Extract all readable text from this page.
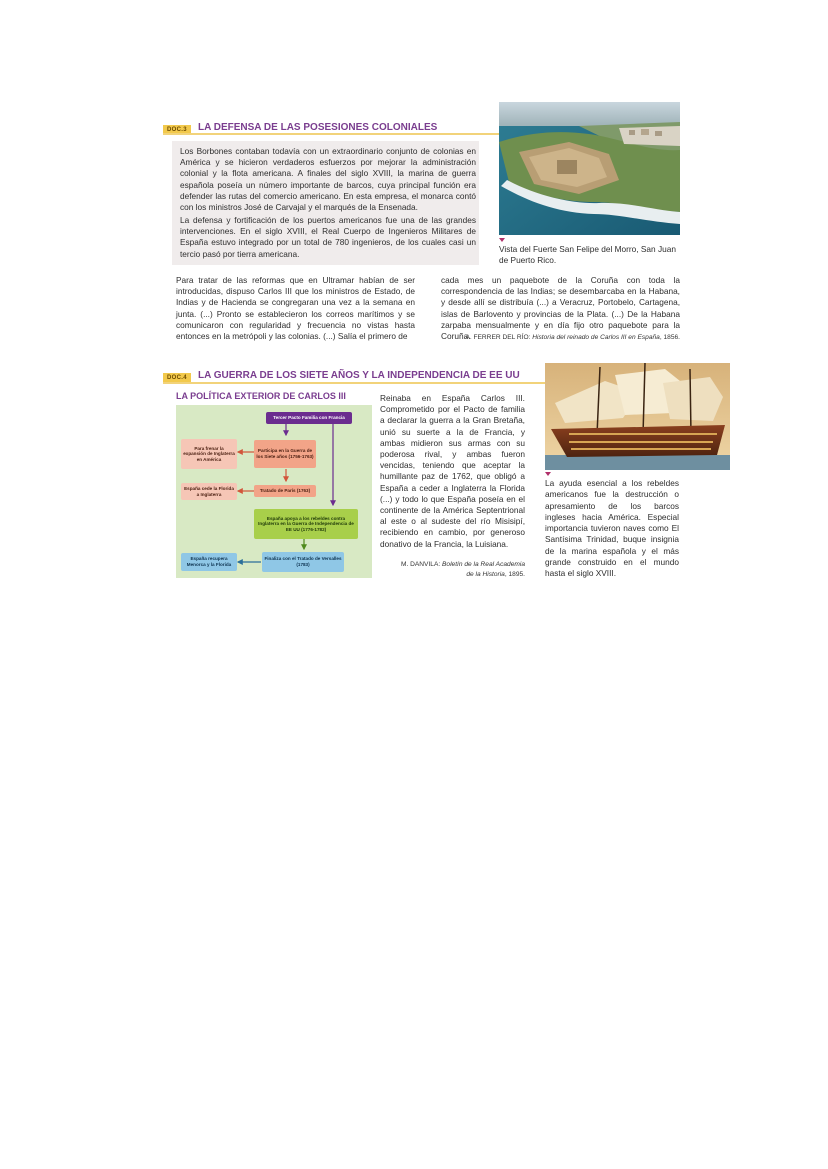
DOC.3	LA DEFENSA DE LAS POSESIONES COLONIALES
Los Borbones contaban todavía con un extraordinario conjunto de colonias en América y se hicieron verdaderos esfuerzos por mejorar la administración colonial y la flota americana. A finales del siglo XVIII, la marina de guerra española poseía un número importante de barcos, cuya principal función era defender las rutas del comercio americano. En esta empresa, el monarca contó con los ministros José de Carvajal y el marqués de la Ensenada.
La defensa y fortificación de los puertos americanos fue una de las grandes intervenciones. En el siglo XVIII, el Real Cuerpo de Ingenieros Militares de España estuvo integrado por un total de 780 ingenieros, de los cuales casi un tercio pasó por tierra americana.	Vista del Fuerte San Felipe del Morro, San Juan de Puerto Rico.
Para tratar de las reformas que en Ultramar habían de ser introducidas, dispuso Carlos III que los ministros de Estado, de Indias y de Hacienda se congregaran una vez a la semana en junta. (...) Pronto se establecieron los correos marítimos y se comunicaron con regularidad y frecuencia no vistas hasta entonces en la metrópoli y las colonias. (...) Salía el primero de
cada mes un paquebote de la Coruña con toda la correspondencia de las Indias; se desembarcaba en la Habana, y desde allí se distribuía (...) a Veracruz, Portobelo, Cartagena, islas de Barlovento y provincias de la Plata. (...) De la Habana zarpaba mensualmente y en día fijo otro paquebote para la Coruña.
A. FERRER DEL RÍO: Historia del reinado de Carlos III en España, 1856.
DOC.4	LA GUERRA DE LOS SIETE AÑOS Y LA INDEPENDENCIA DE EE UU
LA POLÍTICA EXTERIOR DE CARLOS III
Tercer Pacto Familia con Francia
Participa en la Guerra de los Siete años (1756-1763)
Para frenar la expansión de Inglaterra en América
Tratado de París (1763)
España cede la Florida a Inglaterra
España apoya a los rebeldes contra Inglaterra en la Guerra de Independencia de EE UU (1776-1782)
Finaliza con el Tratado de Versalles (1783)
España recupera Menorca y la Florida
Reinaba en España Carlos III. Comprometido por el Pacto de familia a declarar la guerra a la Gran Bretaña, unió su suerte a la de Francia, y ambas midieron sus armas con su poderosa rival, y ambas fueron vencidas, teniendo que aceptar la humillante paz de 1762, que obligó a España a ceder a Inglaterra la Florida (...) y todo lo que España poseía en el continente de la América Septentrional al este o al sudeste del río Misisipí, recibiendo en cambio, por generoso donativo de la Francia, la Luisiana.
M. DANVILA: Boletín de la Real Academia
de la Historia, 1895.
La ayuda esencial a los rebeldes americanos fue la destrucción o apresamiento de los barcos ingleses hacia América. Especial importancia tuvieron naves como El Santísima Trinidad, buque insignia de la marina española y el más grande construido en el mundo hasta el siglo XVIII.
